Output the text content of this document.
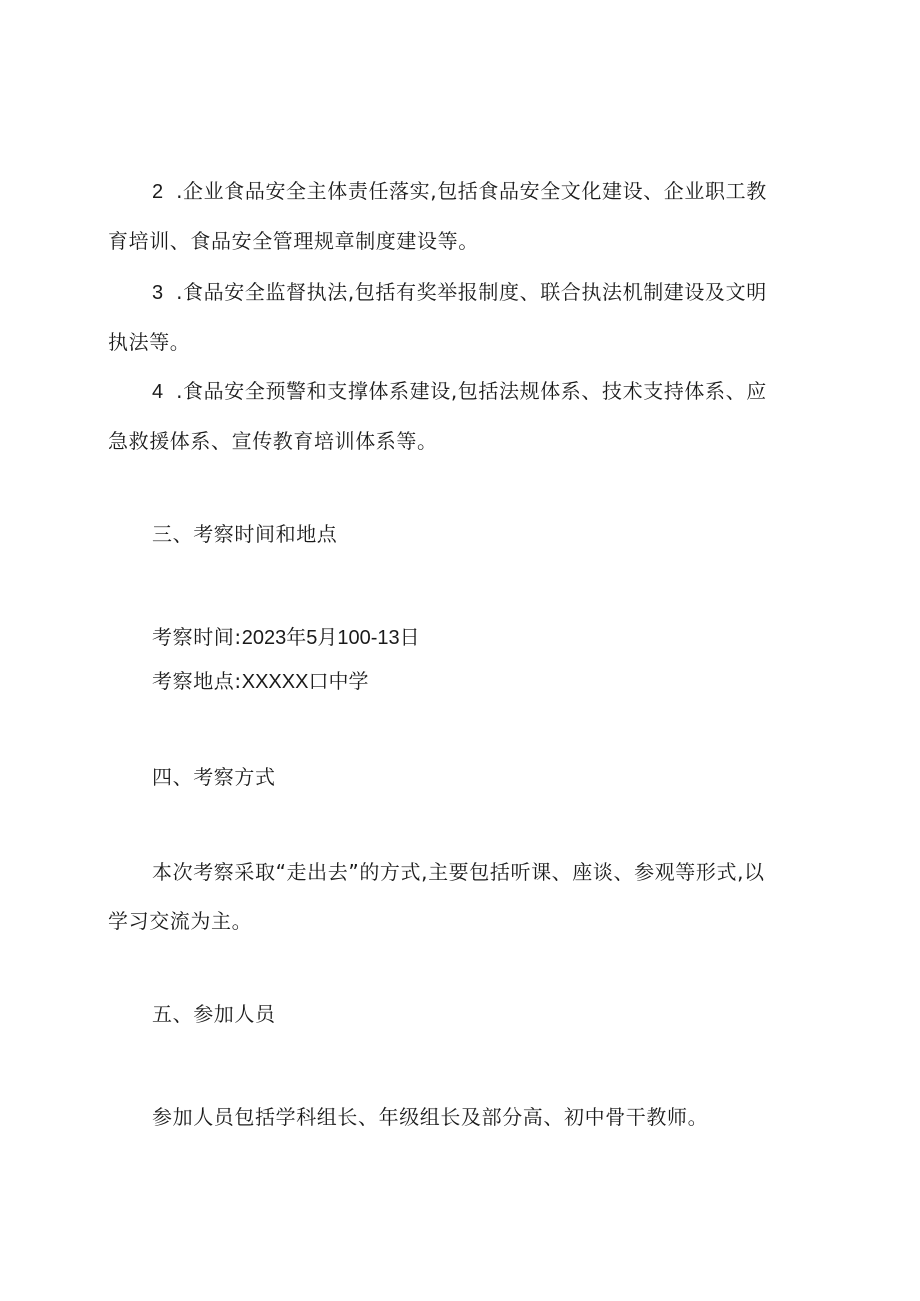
2 .企业食品安全主体责任落实,包括食品安全文化建设、企业职工教
育培训、食品安全管理规章制度建设等。
3 .食品安全监督执法,包括有奖举报制度、联合执法机制建设及文明
执法等。
4 .食品安全预警和支撑体系建设,包括法规体系、技术支持体系、应
急救援体系、宣传教育培训体系等。
三、考察时间和地点
考察时间:2023年5月100-13日
考察地点:XXXXX口中学
四、考察方式
本次考察采取“走出去”的方式,主要包括听课、座谈、参观等形式,以
学习交流为主。
五、参加人员
参加人员包括学科组长、年级组长及部分高、初中骨干教师。
